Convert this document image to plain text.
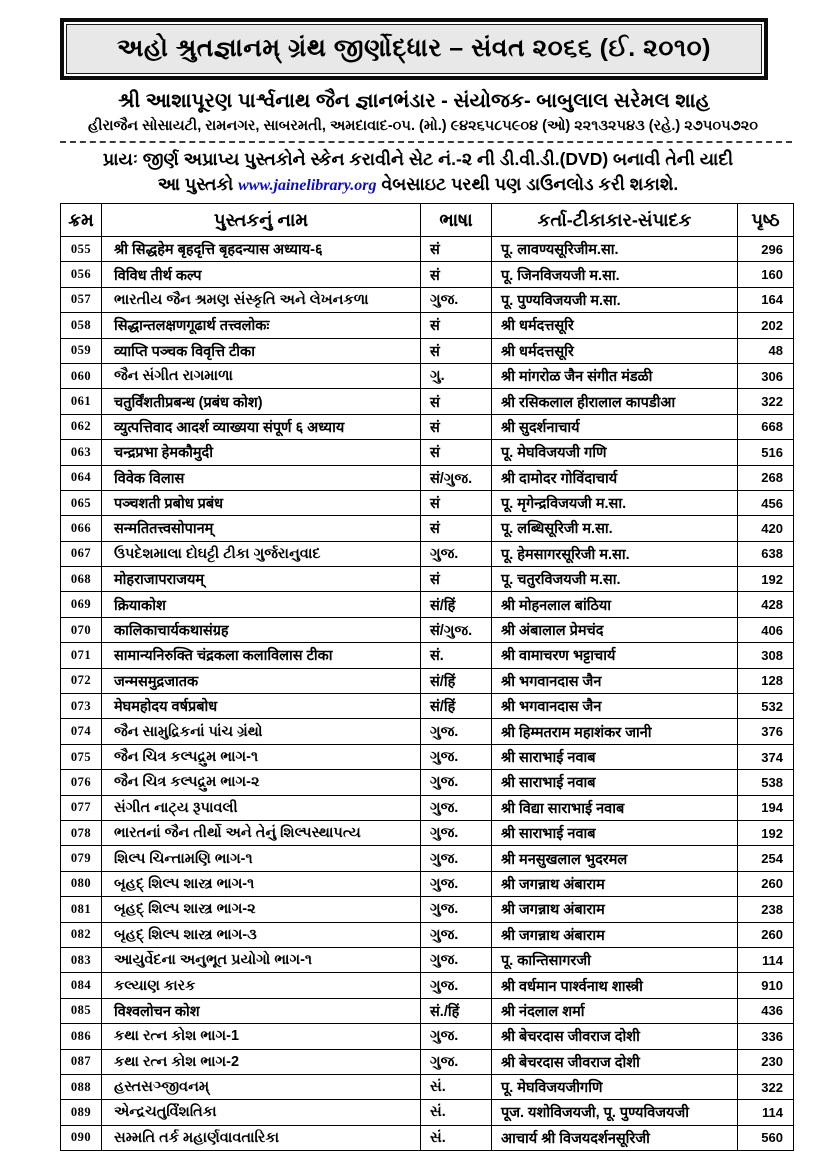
અહો શ્રુતજ્ઞાનમ્ ગ્રંથ જીર્ણોદ્ધાર – સંવત ૨૦૬૬ (ઈ. ૨૦૧૦)
શ્રી આશાપૂરણ પાર્શ્વનાથ જૈન જ્ઞાનભંડાર - સંયોજક- બાબુલાલ સરેમલ શાહ
હીરાજૈન સોસાયટી, રામનગર, સાબરમતી, અમદાવાદ-૦૫. (મો.) ૯૪૨૬૫૮૫૯૦૪ (ઓ) ૨૨૧૩૨૫૪૩ (રહે.) ૨૭૫૦૫૭૨૦
પ્રાયઃ જીર્ણ અપ્રાપ્ય પુસ્તકોને સ્કેન કરાવીને સેટ નં.-૨ ની ડી.વી.ડી.(DVD) બનાવી તેની યાદી
આ પુસ્તકો www.jainelibrary.org વેબસાઇટ પરથી પણ ડાઉનલોડ કરી શકાશે.
ક્રમ	પુસ્તકનું નામ	ભાષા	કર્તા-ટીકાકાર-સંપાદક	પૃષ્ઠ
055	श्री सिद्धहेम बृहदृत्ति बृहदन्यास अध्याय-६	सं	पू. लावण्यसूरिजीम.सा.	296
056	विविध तीर्थ कल्प	सं	पू. जिनविजयजी म.सा.	160
057	ભારતીય જૈન શ્રમણ સંસ્કૃતિ અને લેખનકળા	ગુજ.	पू. पुण्यविजयजी म.सा.	164
058	सिद्धान्तलक्षणगूढार्थ तत्त्वलोकः	सं	श्री धर्मदत्तसूरि	202
059	व्याप्ति पञ्चक विवृत्ति टीका	सं	श्री धर्मदत्तसूरि	48
060	જૈન સંગીત રાગમાળા	ગુ.	श्री मांगरोळ जैन संगीत मंडळी	306
061	चतुर्विंशतीप्रबन्ध (प्रबंध कोश)	सं	श्री रसिकलाल हीरालाल कापडीआ	322
062	व्युत्पत्तिवाद आदर्श व्याख्यया संपूर्ण ६ अध्याय	सं	श्री सुदर्शनाचार्य	668
063	चन्द्रप्रभा हेमकौमुदी	सं	पू. मेघविजयजी गणि	516
064	विवेक विलास	सं/ગુજ.	श्री दामोदर गोविंदाचार्य	268
065	पञ्चशती प्रबोध प्रबंध	सं	पू. मृगेन्द्रविजयजी म.सा.	456
066	सन्मतितत्त्वसोपानम्	सं	पू. लब्धिसूरिजी म.सा.	420
067	ઉપદેશમાલા દોઘટ્ટી ટીકા ગુર્જરાનુવાદ	ગુજ.	पू. हेमसागरसूरिजी म.सा.	638
068	मोहराजापराजयम्	सं	पू. चतुरविजयजी म.सा.	192
069	क्रियाकोश	सं/हिं	श्री मोहनलाल बांठिया	428
070	कालिकाचार्यकथासंग्रह	सं/ગુજ.	श्री अंबालाल प्रेमचंद	406
071	सामान्यनिरुक्ति चंद्रकला कलाविलास टीका	सं.	श्री वामाचरण भट्टाचार्य	308
072	जन्मसमुद्रजातक	सं/हिं	श्री भगवानदास जैन	128
073	मेघमहोदय वर्षप्रबोध	सं/हिं	श्री भगवानदास जैन	532
074	જૈન સામુદ્રિકનાં પાંચ ગ્રંથો	ગુજ.	श्री हिम्मतराम महाशंकर जानी	376
075	જૈન ચિત્ર કલ્પદ્રુમ ભાગ-૧	ગુજ.	श्री साराभाई नवाब	374
076	જૈન ચિત્ર કલ્પદ્રુમ ભાગ-૨	ગુજ.	श्री साराभाई नवाब	538
077	સંગીત નાટ્ય રૂપાવલી	ગુજ.	श्री विद्या साराभाई नवाब	194
078	ભારતનાં જૈન તીર્થો અને તેનું શિલ્પસ્થાપત્ય	ગુજ.	श्री साराभाई नवाब	192
079	શિલ્પ ચિન્તામણિ ભાગ-૧	ગુજ.	श्री मनसुखलाल भुदरमल	254
080	બૃહદ્ શિલ્પ શાસ્ત્ર ભાગ-૧	ગુજ.	श्री जगन्नाथ अंबाराम	260
081	બૃહદ્ શિલ્પ શાસ્ત્ર ભાગ-૨	ગુજ.	श्री जगन्नाथ अंबाराम	238
082	બૃહદ્ શિલ્પ શાસ્ત્ર ભાગ-૩	ગુજ.	श्री जगन्नाथ अंबाराम	260
083	આયુર્વેદના અનુભૂત પ્રયોગો ભાગ-૧	ગુજ.	पू. कान्तिसागरजी	114
084	કલ્યાણ કારક	ગુજ.	श्री वर्धमान पार्श्वनाथ शास्त्री	910
085	विश्वलोचन कोश	सं./हिं	श्री नंदलाल शर्मा	436
086	કથા રત્ન કોશ ભાગ-1	ગુજ.	श्री बेचरदास जीवराज दोशी	336
087	કથા રત્ન કોશ ભાગ-2	ગુજ.	श्री बेचरदास जीवराज दोशी	230
088	હસ્તસઞ્જીવનમ્	સં.	पू. मेघविजयजीगणि	322
089	એન્દ્રચતુર્વિંશતિકા	સં.	पूज. यशोविजयजी, पू. पुण्यविजयजी	114
090	સમ્મતિ તર્ક મહાર્ણવાવતારિકા	સં.	आचार्य श्री विजयदर्शनसूरिजी	560
